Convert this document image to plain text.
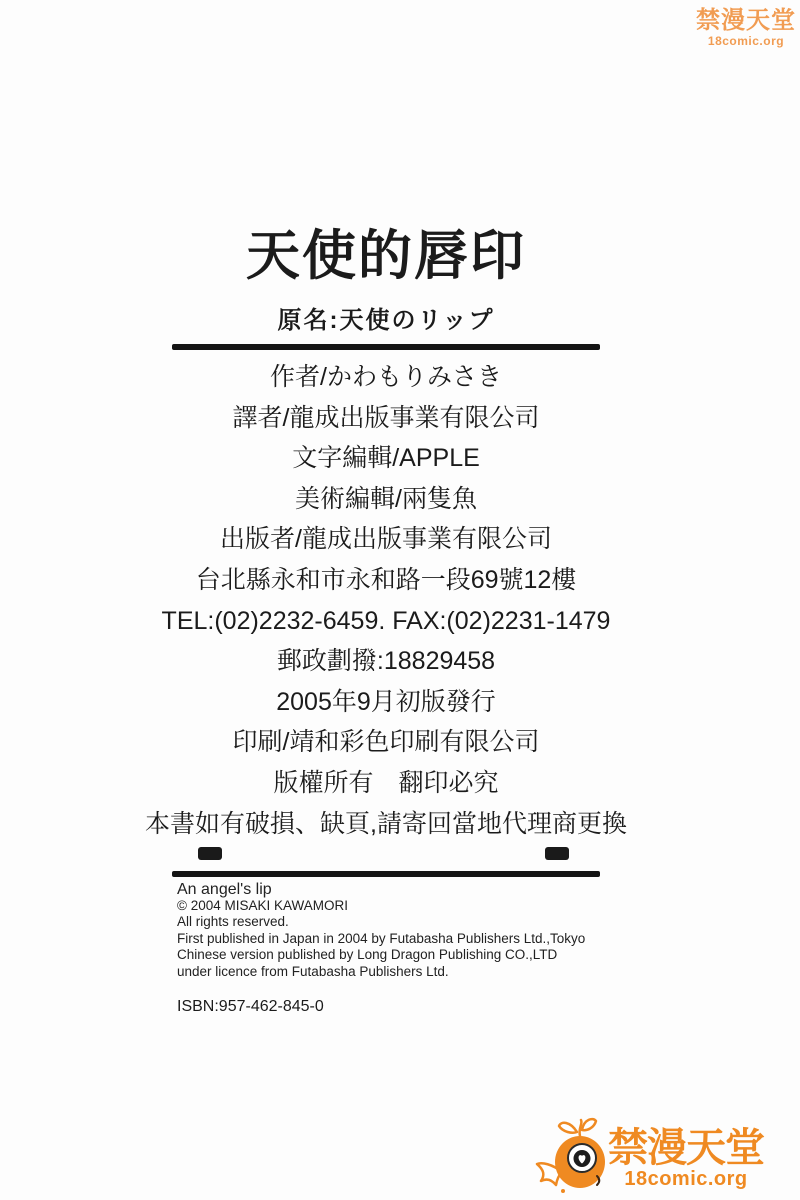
禁漫天堂
18comic.org
天使的唇印
原名:天使のリップ
作者/かわもりみさき
譯者/龍成出版事業有限公司
文字編輯/APPLE
美術編輯/兩隻魚
出版者/龍成出版事業有限公司
台北縣永和市永和路一段69號12樓
TEL:(02)2232-6459. FAX:(02)2231-1479
郵政劃撥:18829458
2005年9月初版發行
印刷/靖和彩色印刷有限公司
版權所有　翻印必究
本書如有破損、缺頁,請寄回當地代理商更換
An angel's lip
© 2004 MISAKI KAWAMORI
All rights reserved.
First published in Japan in 2004 by Futabasha Publishers Ltd.,Tokyo
Chinese version published by Long Dragon Publishing CO.,LTD
under licence from Futabasha Publishers Ltd.
ISBN:957-462-845-0
禁漫天堂
18comic.org
